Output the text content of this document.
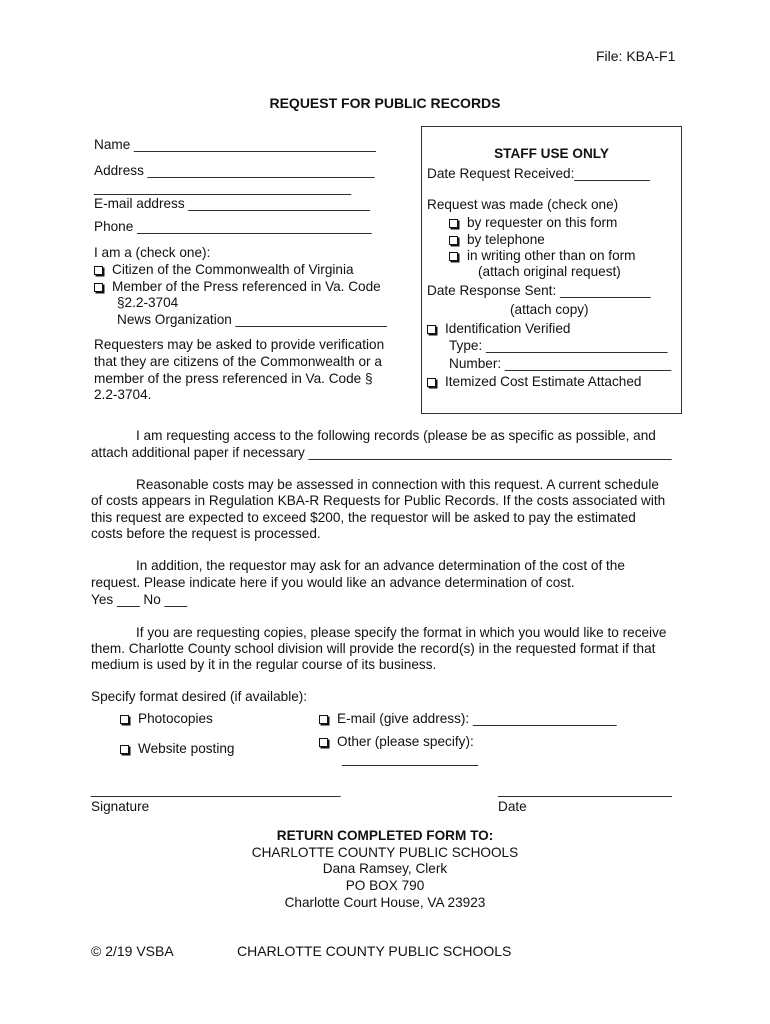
File: KBA-F1
REQUEST FOR PUBLIC RECORDS
Name ________________________________
Address ______________________________
__________________________________
E-mail address ________________________
Phone _______________________________
I am a (check one):
Citizen of the Commonwealth of Virginia
Member of the Press referenced in Va. Code
§2.2-3704
News Organization ____________________
Requesters may be asked to provide verification
that they are citizens of the Commonwealth or a
member of the press referenced in Va. Code §
2.2-3704.
STAFF USE ONLY
Date Request Received:__________
Request was made (check one)
by requester on this form
by telephone
in writing other than on form
(attach original request)
Date Response Sent: ____________
(attach copy)
Identification Verified
Type: ________________________
Number: ______________________
Itemized Cost Estimate Attached
I am requesting access to the following records (please be as specific as possible, and
attach additional paper if necessary ________________________________________________
Reasonable costs may be assessed in connection with this request. A current schedule
of costs appears in Regulation KBA-R Requests for Public Records. If the costs associated with
this request are expected to exceed $200, the requestor will be asked to pay the estimated
costs before the request is processed.
In addition, the requestor may ask for an advance determination of the cost of the
request. Please indicate here if you would like an advance determination of cost.
Yes ___ No ___
If you are requesting copies, please specify the format in which you would like to receive
them. Charlotte County school division will provide the record(s) in the requested format if that
medium is used by it in the regular course of its business.
Specify format desired (if available):
Photocopies	E-mail (give address): ___________________
Website posting	Other (please specify):
__________________
_________________________________
Signature
_______________________
Date
RETURN COMPLETED FORM TO:
CHARLOTTE COUNTY PUBLIC SCHOOLS
Dana Ramsey, Clerk
PO BOX 790
Charlotte Court House, VA 23923
© 2/19 VSBA	CHARLOTTE COUNTY PUBLIC SCHOOLS
